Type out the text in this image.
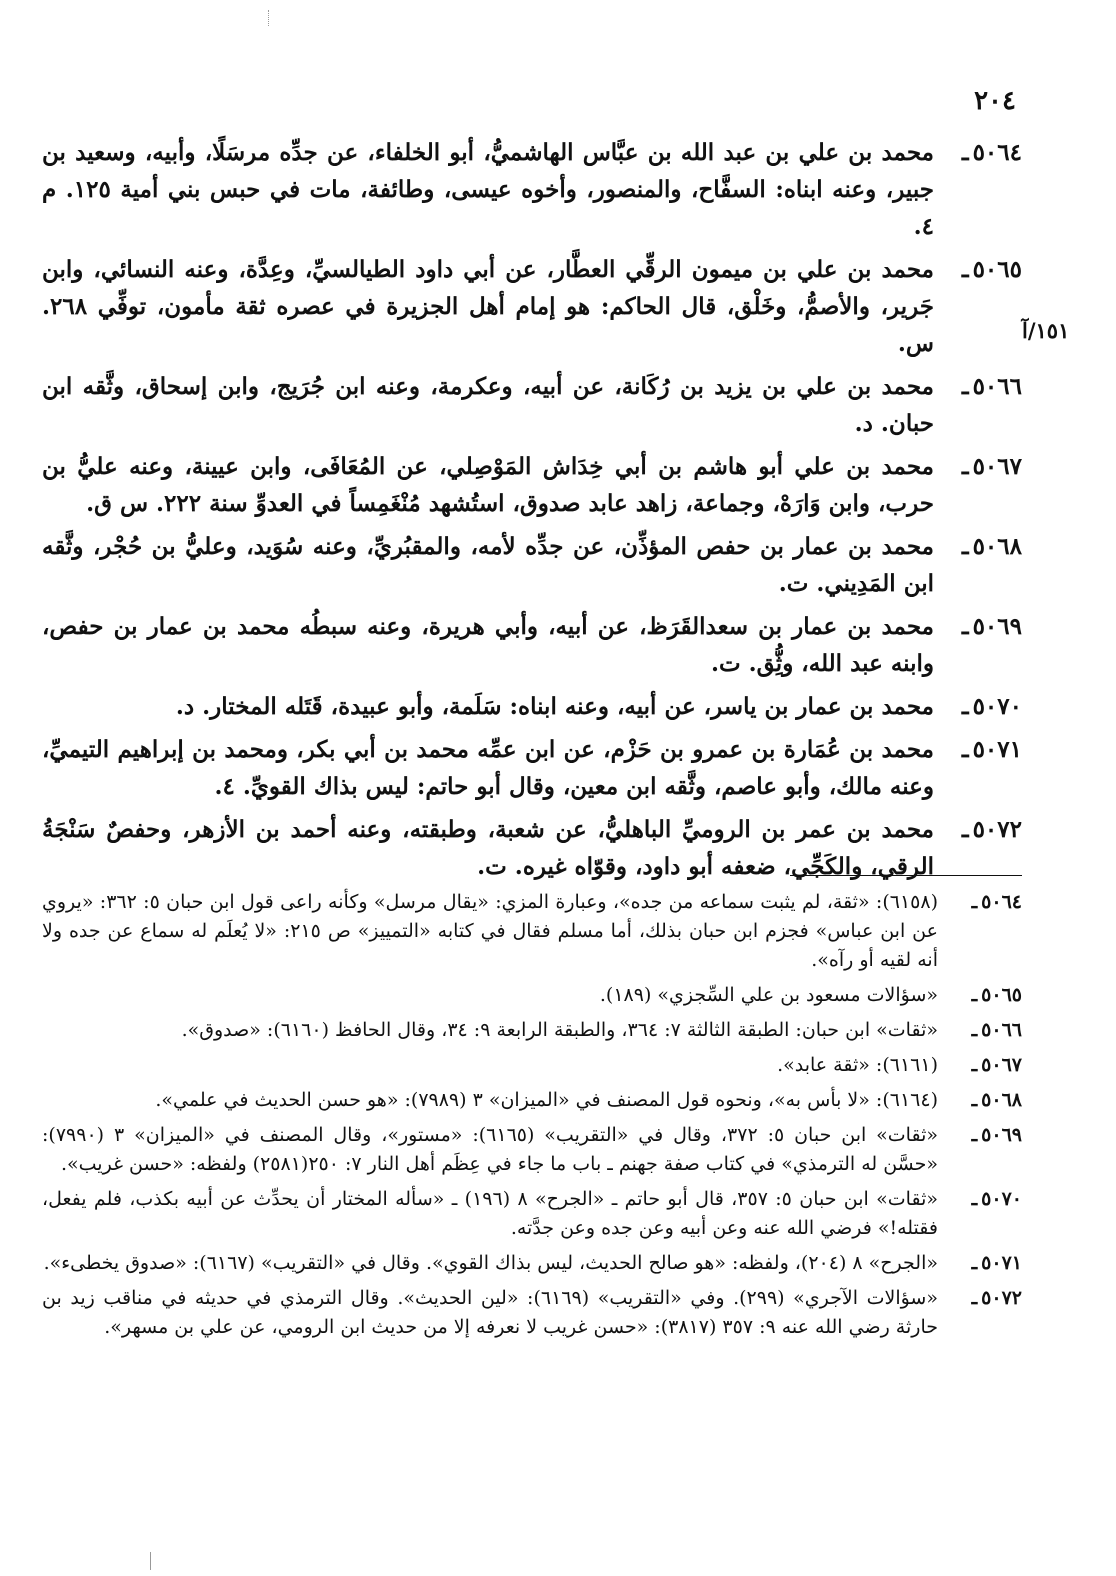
٢٠٤
١٥١/آ

٥٠٦٤ـمحمد بن علي بن عبد الله بن عبَّاس الهاشميُّ، أبو الخلفاء، عن جدِّه مرسَلًا، وأبيه، وسعيد بن جبير، وعنه ابناه: السفَّاح، والمنصور، وأخوه عيسى، وطائفة، مات في حبس بني أمية ١٢٥. م ٤.

٥٠٦٥ـمحمد بن علي بن ميمون الرقِّي العطَّار، عن أبي داود الطيالسيِّ، وعِدَّة، وعنه النسائي، وابن جَرير، والأصمُّ، وخَلْق، قال الحاكم: هو إمام أهل الجزيرة في عصره ثقة مأمون، توفِّي ٢٦٨. س.

٥٠٦٦ـمحمد بن علي بن يزيد بن رُكَانة، عن أبيه، وعكرمة، وعنه ابن جُرَيج، وابن إسحاق، وثَّقه ابن حبان. د.

٥٠٦٧ـمحمد بن علي أبو هاشم بن أبي خِدَاش المَوْصِلي، عن المُعَافَى، وابن عيينة، وعنه عليُّ بن حرب، وابن وَارَهْ، وجماعة، زاهد عابد صدوق، استُشهد مُنْغَمِساً في العدوِّ سنة ٢٢٢. س ق.

٥٠٦٨ـمحمد بن عمار بن حفص المؤذِّن، عن جدِّه لأمه، والمقبُريِّ، وعنه سُوَيد، وعليُّ بن حُجْر، وثَّقه ابن المَدِيني. ت.

٥٠٦٩ـمحمد بن عمار بن سعدالقَرَظ، عن أبيه، وأبي هريرة، وعنه سبطُه محمد بن عمار بن حفص، وابنه عبد الله، وثُِّق. ت.

٥٠٧٠ـمحمد بن عمار بن ياسر، عن أبيه، وعنه ابناه: سَلَمة، وأبو عبيدة، قَتَله المختار. د.

٥٠٧١ـمحمد بن عُمَارة بن عمرو بن حَزْم، عن ابن عمِّه محمد بن أبي بكر، ومحمد بن إبراهيم التيميِّ، وعنه مالك، وأبو عاصم، وثَّقه ابن معين، وقال أبو حاتم: ليس بذاك القويِّ. ٤.

٥٠٧٢ـمحمد بن عمر بن الروميِّ الباهليُّ، عن شعبة، وطبقته، وعنه أحمد بن الأزهر، وحفصٌ سَنْجَةُ الرقي، والكَجِّي، ضعفه أبو داود، وقوّاه غيره. ت.

٥٠٦٤ـ(٦١٥٨): «ثقة، لم يثبت سماعه من جده»، وعبارة المزي: «يقال مرسل» وكأنه راعى قول ابن حبان ٥: ٣٦٢: «يروي عن ابن عباس» فجزم ابن حبان بذلك، أما مسلم فقال في كتابه «التمييز» ص ٢١٥: «لا يُعلَم له سماع عن جده ولا أنه لقيه أو رآه».

٥٠٦٥ـ«سؤالات مسعود بن علي السِّجزي» (١٨٩).

٥٠٦٦ـ«ثقات» ابن حبان: الطبقة الثالثة ٧: ٣٦٤، والطبقة الرابعة ٩: ٣٤، وقال الحافظ (٦١٦٠): «صدوق».

٥٠٦٧ـ(٦١٦١): «ثقة عابد».

٥٠٦٨ـ(٦١٦٤): «لا بأس به»، ونحوه قول المصنف في «الميزان» ٣ (٧٩٨٩): «هو حسن الحديث في علمي».

٥٠٦٩ـ«ثقات» ابن حبان ٥: ٣٧٢، وقال في «التقريب» (٦١٦٥): «مستور»، وقال المصنف في «الميزان» ٣ (٧٩٩٠): «حسَّن له الترمذي» في كتاب صفة جهنم ـ باب ما جاء في عِظَم أهل النار ٧: ٢٥٠(٢٥٨١) ولفظه: «حسن غريب».

٥٠٧٠ـ«ثقات» ابن حبان ٥: ٣٥٧، قال أبو حاتم ـ «الجرح» ٨ (١٩٦) ـ «سأله المختار أن يحدِّث عن أبيه بكذب، فلم يفعل، فقتله!» فرضي الله عنه وعن أبيه وعن جده وعن جدَّته.

٥٠٧١ـ«الجرح» ٨ (٢٠٤)، ولفظه: «هو صالح الحديث، ليس بذاك القوي». وقال في «التقريب» (٦١٦٧): «صدوق يخطىء».

٥٠٧٢ـ«سؤالات الآجري» (٢٩٩). وفي «التقريب» (٦١٦٩): «لين الحديث». وقال الترمذي في حديثه في مناقب زيد بن حارثة رضي الله عنه ٩: ٣٥٧ (٣٨١٧): «حسن غريب لا نعرفه إلا من حديث ابن الرومي، عن علي بن مسهر».
